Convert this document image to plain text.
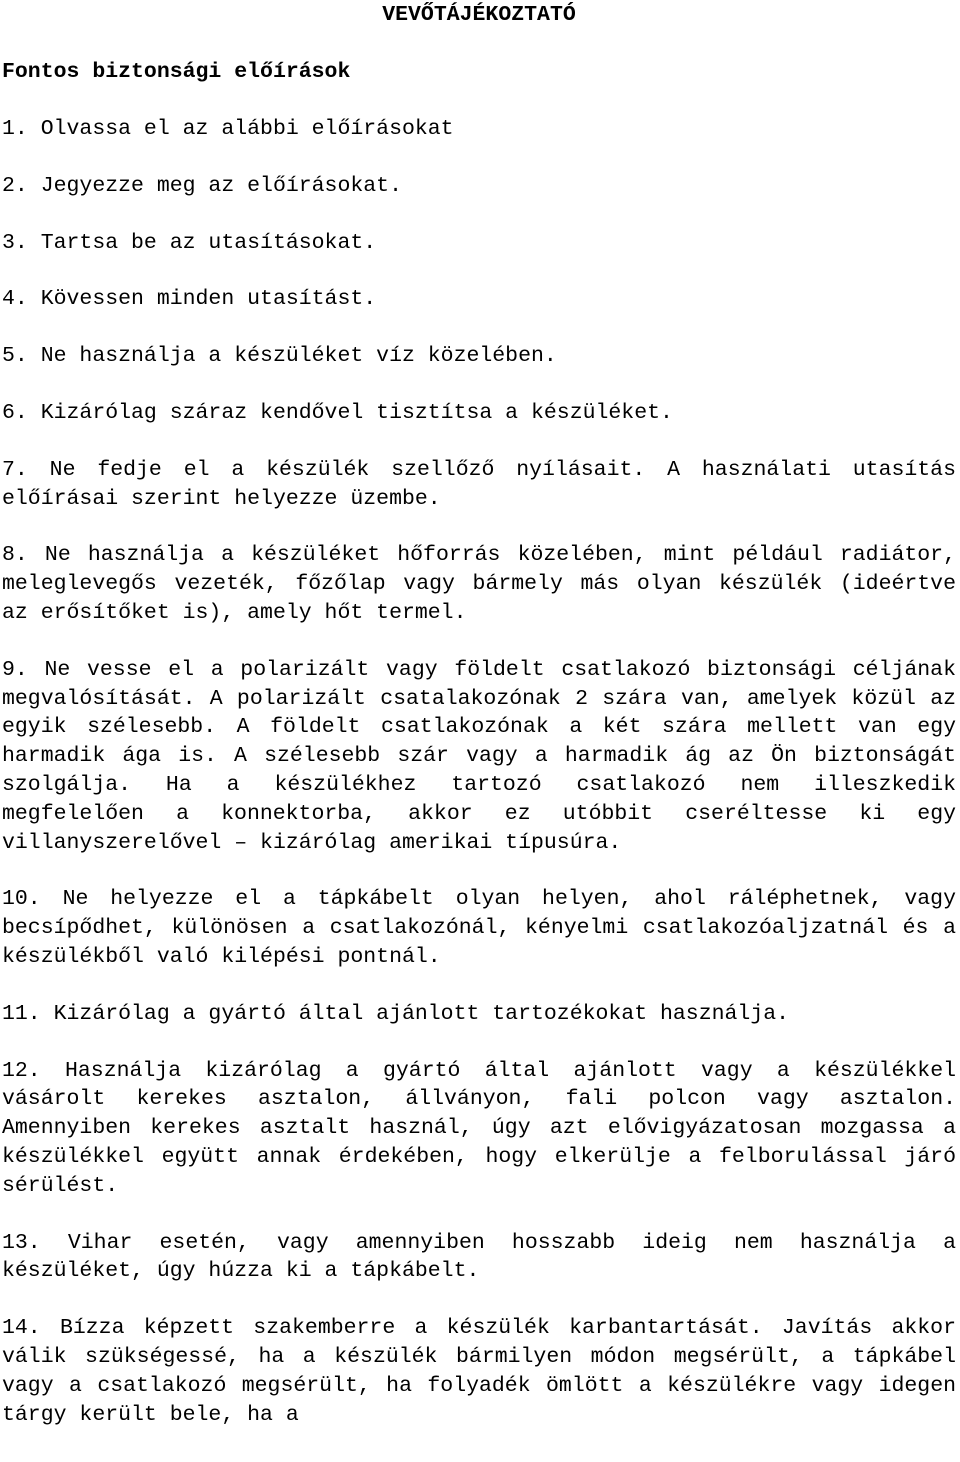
VEVŐTÁJÉKOZTATÓ
Fontos biztonsági előírások

1. Olvassa el az alábbi előírásokat

2. Jegyezze meg az előírásokat.

3. Tartsa be az utasításokat.

4. Kövessen minden utasítást.

5. Ne használja a készüléket víz közelében.

6. Kizárólag száraz kendővel tisztítsa a készüléket.

7. Ne fedje el a készülék szellőző nyílásait. A használati utasítás előírásai szerint helyezze üzembe.

8. Ne használja a készüléket hőforrás közelében, mint például radiátor, meleglevegős vezeték, főzőlap vagy bármely más olyan készülék (ideértve az erősítőket is), amely hőt termel.

9. Ne vesse el a polarizált vagy földelt csatlakozó biztonsági céljának megvalósítását. A polarizált csatalakozónak 2 szára van, amelyek közül az egyik szélesebb. A földelt csatlakozónak a két szára mellett van egy harmadik ága is. A szélesebb szár vagy a harmadik ág az Ön biztonságát szolgálja. Ha a készülékhez tartozó csatlakozó nem illeszkedik megfelelően a konnektorba, akkor ez utóbbit cseréltesse ki egy villanyszerelővel – kizárólag amerikai típusúra.

10. Ne helyezze el a tápkábelt olyan helyen, ahol ráléphetnek, vagy becsípődhet, különösen a csatlakozónál, kényelmi csatlakozóaljzatnál és a készülékből való kilépési pontnál.

11. Kizárólag a gyártó által ajánlott tartozékokat használja.

12. Használja kizárólag a gyártó által ajánlott vagy a készülékkel vásárolt kerekes asztalon, állványon, fali polcon vagy asztalon. Amennyiben kerekes asztalt használ, úgy azt elővigyázatosan mozgassa a készülékkel együtt annak érdekében, hogy elkerülje a felborulással járó sérülést.

13. Vihar esetén, vagy amennyiben hosszabb ideig nem használja a készüléket, úgy húzza ki a tápkábelt.

14. Bízza képzett szakemberre a készülék karbantartását. Javítás akkor válik szükségessé, ha a készülék bármilyen módon megsérült, a tápkábel vagy a csatlakozó megsérült, ha folyadék ömlött a készülékre vagy idegen tárgy került bele, ha a
